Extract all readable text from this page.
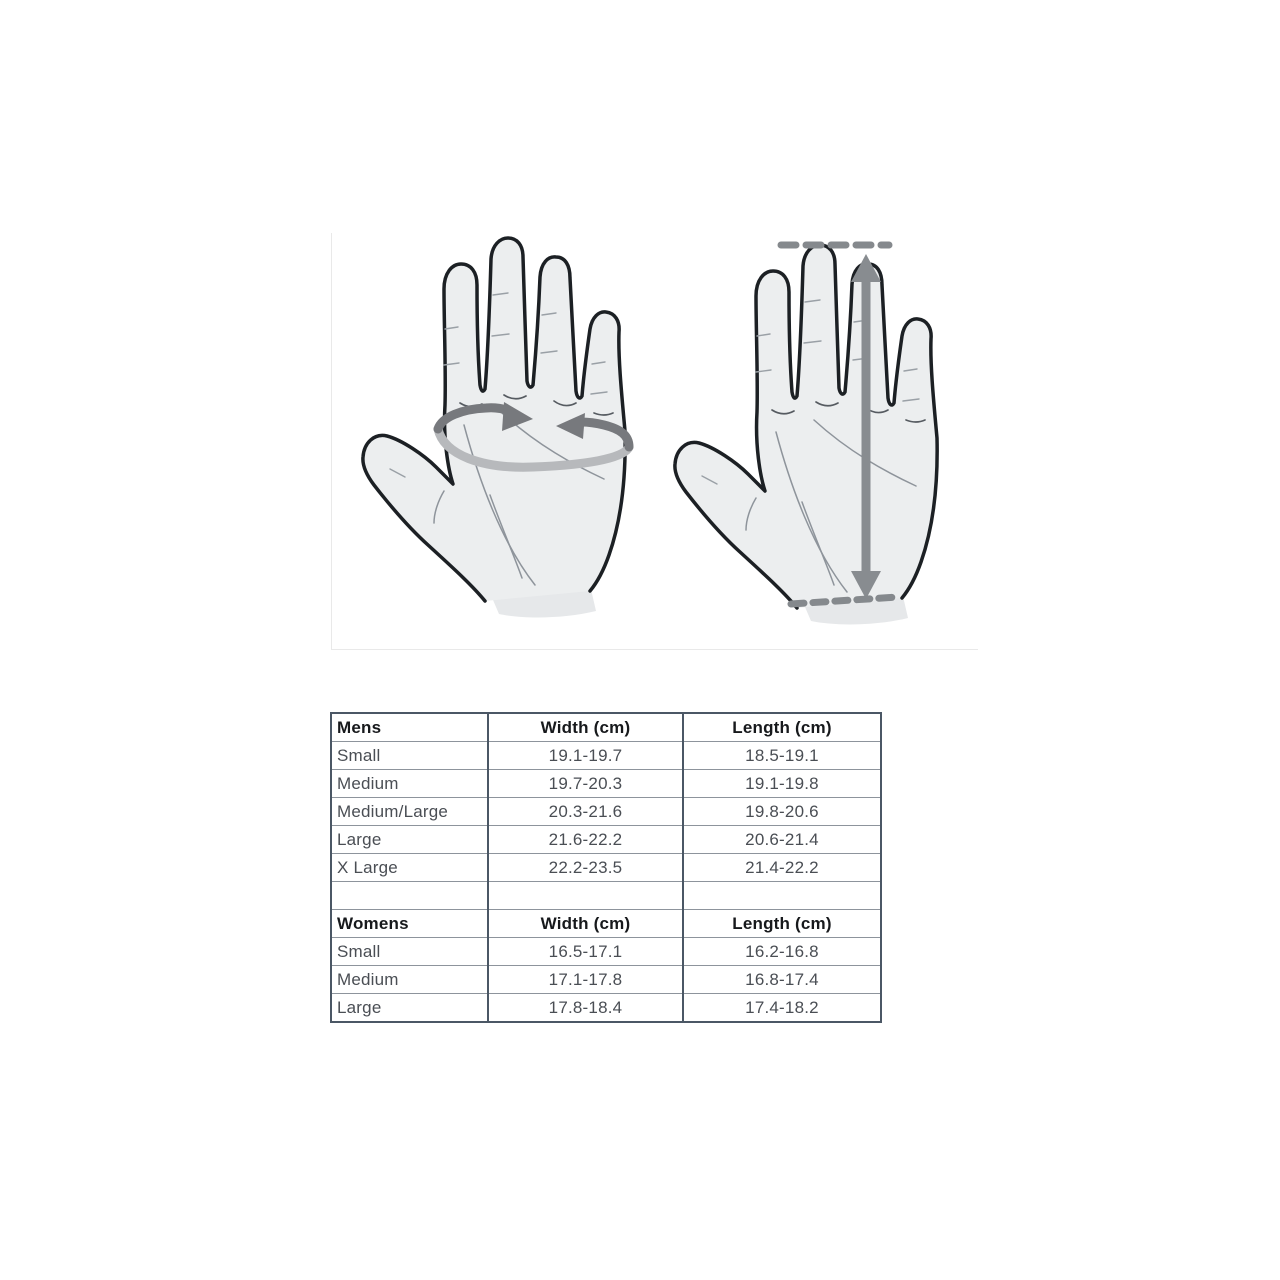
Mens	Width (cm)	Length (cm)
Small	19.1-19.7	18.5-19.1
Medium	19.7-20.3	19.1-19.8
Medium/Large	20.3-21.6	19.8-20.6
Large	21.6-22.2	20.6-21.4
X Large	22.2-23.5	21.4-22.2

Womens	Width (cm)	Length (cm)
Small	16.5-17.1	16.2-16.8
Medium	17.1-17.8	16.8-17.4
Large	17.8-18.4	17.4-18.2
